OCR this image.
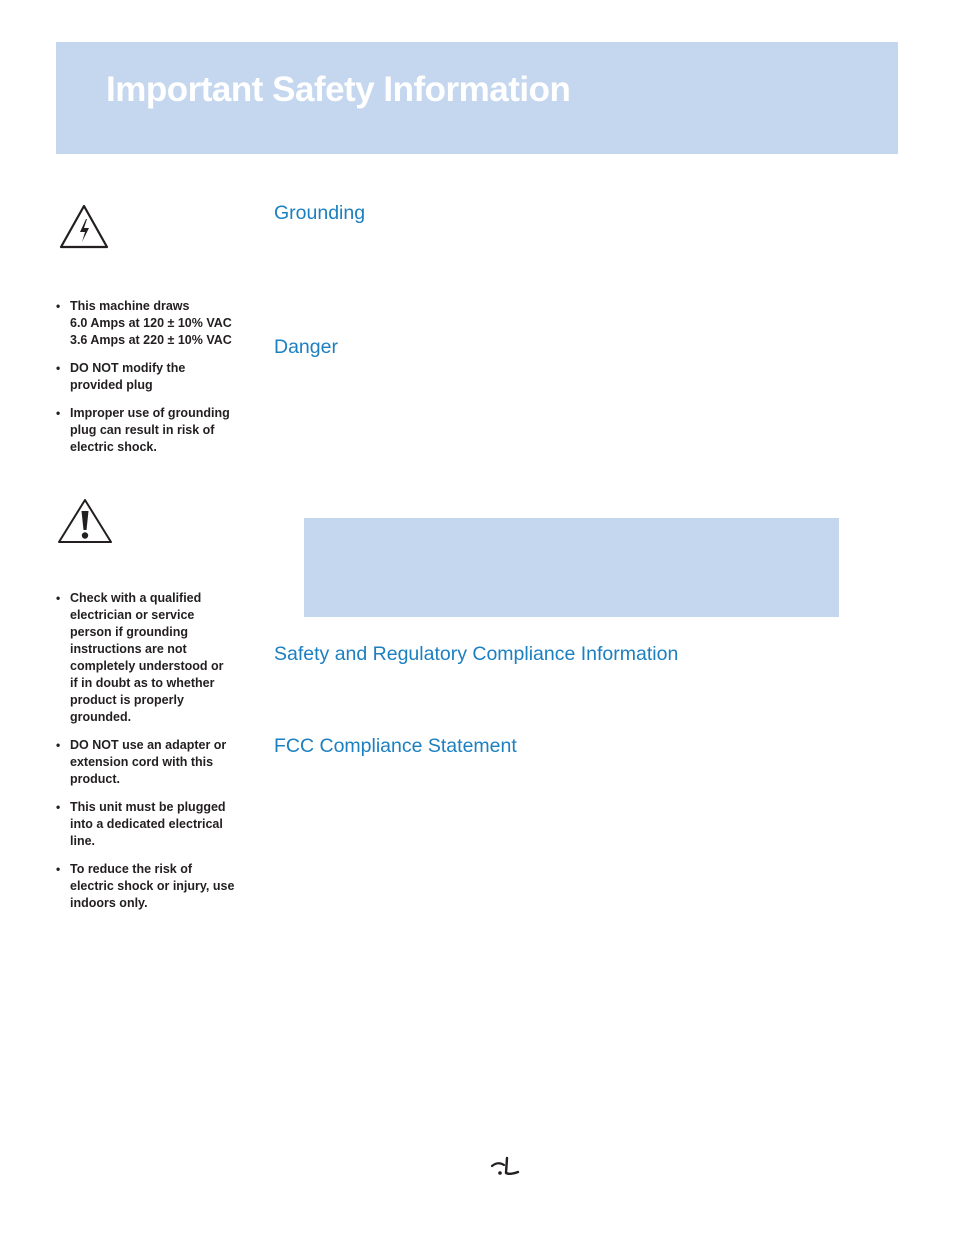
Important Safety Information
• This machine draws
6.0 Amps at 120 ± 10% VAC
3.6 Amps at 220 ± 10% VAC
• DO NOT modify the
provided plug
• Improper use of grounding
plug can result in risk of
electric shock.
• Check with a qualified
electrician or service
person if grounding
instructions are not
completely understood or
if in doubt as to whether
product is properly
grounded.
• DO NOT use an adapter or
extension cord with this
product.
• This unit must be plugged
into a dedicated electrical
line.
• To reduce the risk of
electric shock or injury, use
indoors only.
Grounding
Danger
Safety and Regulatory Compliance Information
FCC Compliance Statement
